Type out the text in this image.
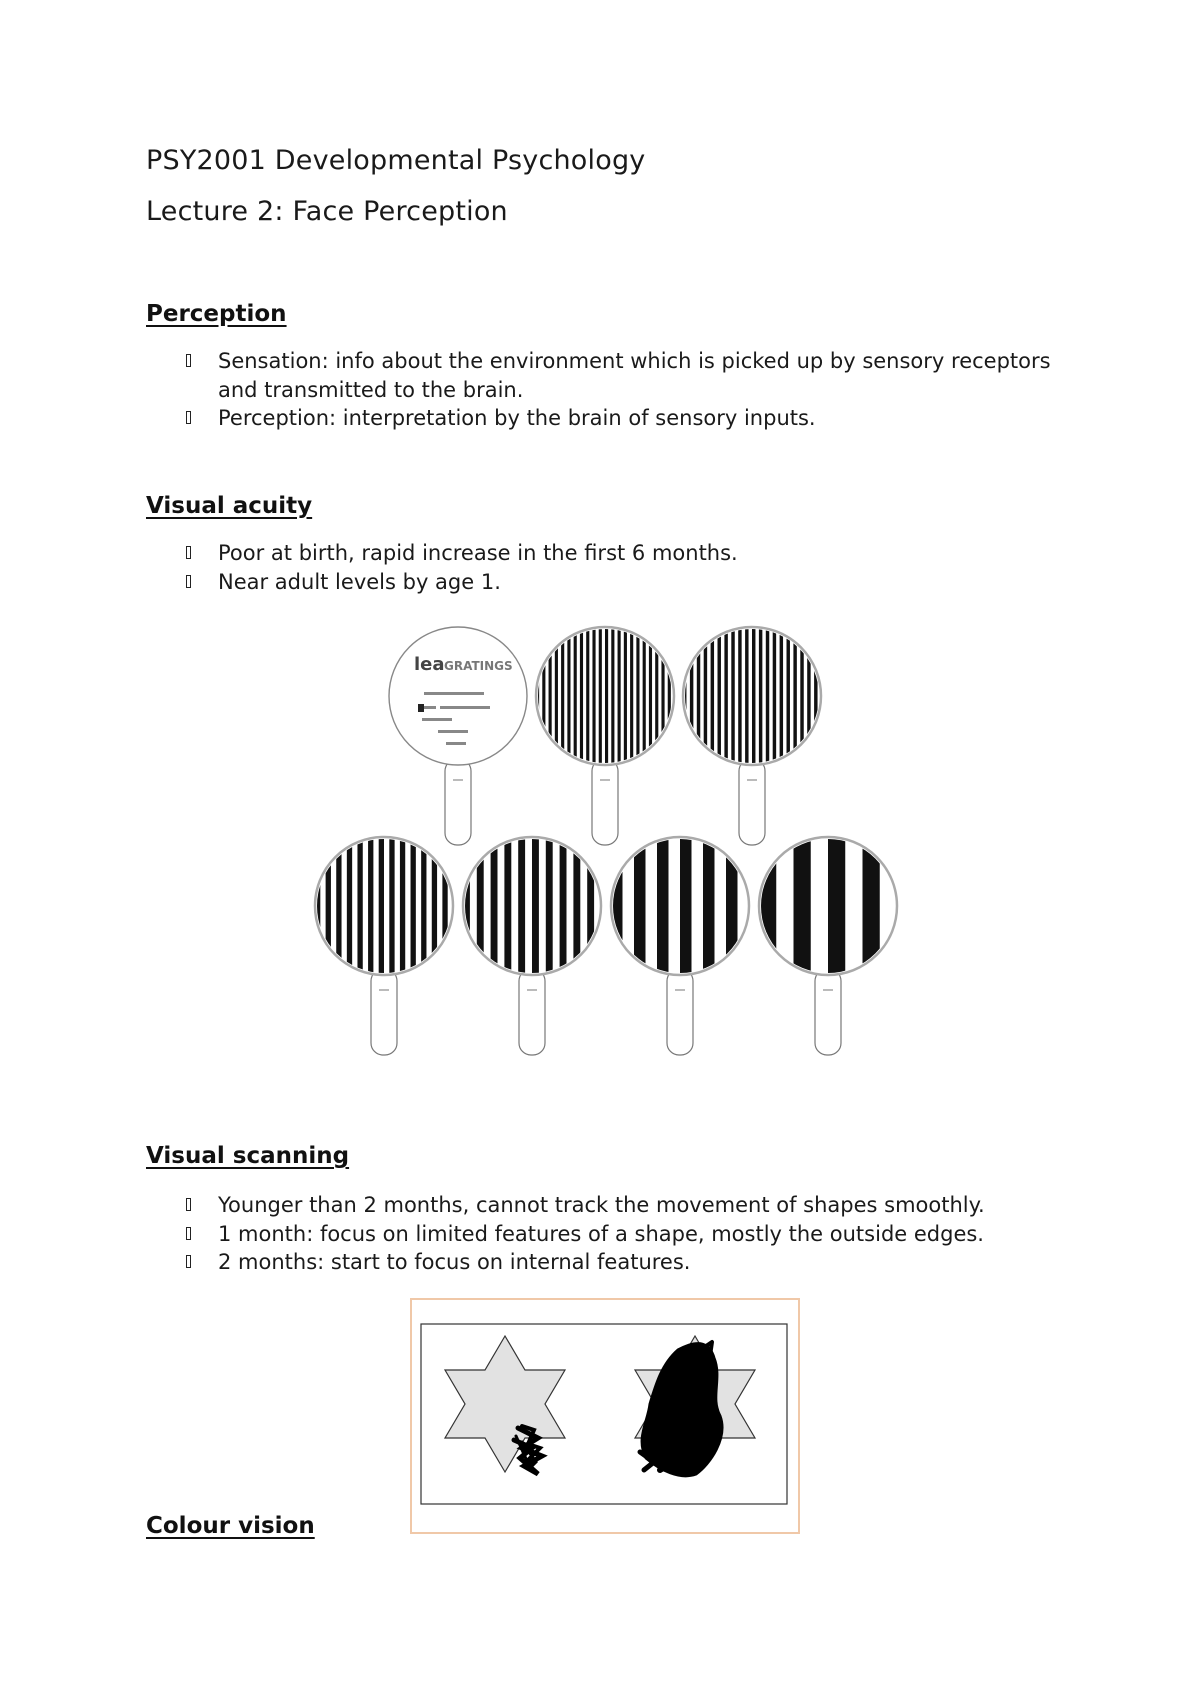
PSY2001 Developmental Psychology
Lecture 2: Face Perception
Perception
Sensation: info about the environment which is picked up by sensory receptors and transmitted to the brain.
Perception: interpretation by the brain of sensory inputs.
Visual acuity
Poor at birth, rapid increase in the first 6 months.
Near adult levels by age 1.
lea GRATINGS
Visual scanning
Younger than 2 months, cannot track the movement of shapes smoothly.
1 month: focus on limited features of a shape, mostly the outside edges.
2 months: start to focus on internal features.
Colour vision
